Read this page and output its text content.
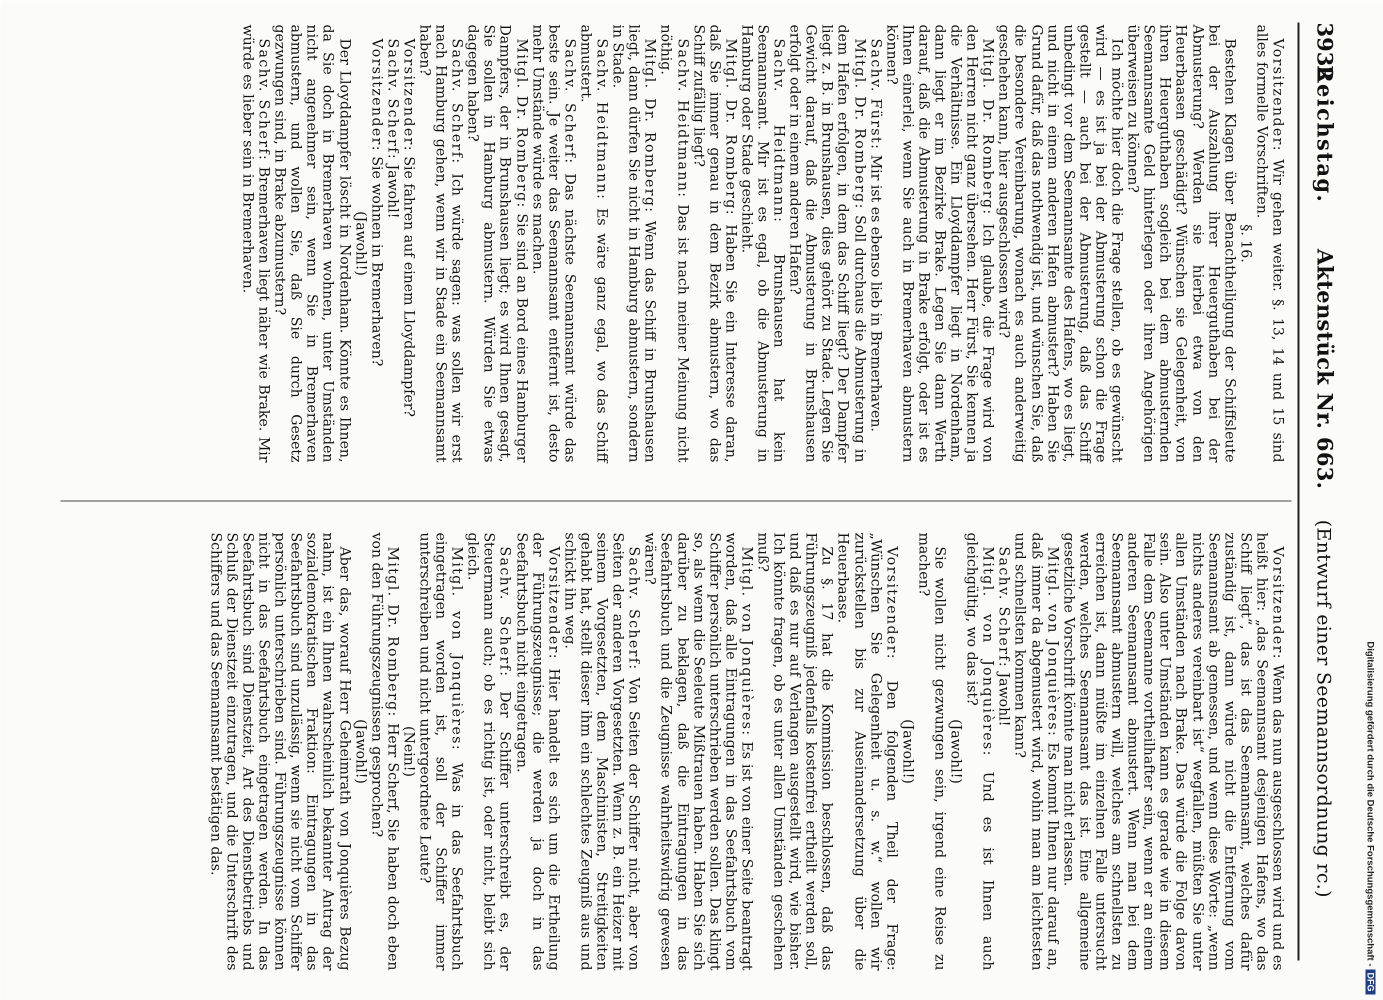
Digitalisierung gefördert durch die Deutsche Forschungsgemeinschaft -DFG
3932
Reichstag.      Aktenstück Nr. 663.    (Entwurf einer Seemannsordnung rc.)

Vorsitzender: Wir gehen weiter. §. 13, 14 und 15 sind alles formelle Vorschriften.

§. 16.

Bestehen Klagen über Benachtheiligung der Schiffsleute bei der Auszahlung ihrer Heuerguthaben bei der Abmusterung? Werden sie hierbei etwa von den Heuerbaasen geschädigt? Wünschen sie Gelegenheit, von ihren Heuerguthaben sogleich bei dem abmusternden Seemannsamte Geld hinterlegen oder ihren Angehörigen überweisen zu können?

Ich möchte hier doch die Frage stellen, ob es gewünscht wird — es ist ja bei der Abmusterung schon die Frage gestellt — auch bei der Abmusterung, daß das Schiff unbedingt vor dem Seemannsamte des Hafens, wo es liegt, und nicht in einem anderen Hafen abmustert? Haben Sie Grund dafür, daß das nothwendig ist, und wünschen Sie, daß die besondere Vereinbarung, wonach es auch anderweitig geschehen kann, hier ausgeschlossen wird?

Mitgl. Dr. Romberg: Ich glaube, die Frage wird von den Herren nicht ganz übersehen. Herr Fürst, Sie kennen ja die Verhältnisse. Ein Lloyddampfer liegt in Nordenham, dann liegt er im Bezirke Brake. Legen Sie dann Werth darauf, daß die Abmusterung in Brake erfolgt, oder ist es Ihnen einerlei, wenn Sie auch in Bremerhaven abmustern können?

Sachv. Fürst: Mir ist es ebenso lieb in Bremerhaven.

Mitgl. Dr. Romberg: Soll durchaus die Abmusterung in dem Hafen erfolgen, in dem das Schiff liegt? Der Dampfer liegt z. B. in Brunshausen, dies gehört zu Stade. Legen Sie Gewicht darauf, daß die Abmusterung in Brunshausen erfolgt oder in einem anderen Hafen?

Sachv. Heidtmann: Brunshausen hat kein Seemannsamt. Mir ist es egal, ob die Abmusterung in Hamburg oder Stade geschieht.

Mitgl. Dr. Romberg: Haben Sie ein Interesse daran, daß Sie immer genau in dem Bezirk abmustern, wo das Schiff zufällig liegt?

Sachv. Heidtmann: Das ist nach meiner Meinung nicht nöthig.

Mitgl. Dr. Romberg: Wenn das Schiff in Brunshausen liegt, dann dürfen Sie nicht in Hamburg abmustern, sondern in Stade.

Sachv. Heidtmann: Es wäre ganz egal, wo das Schiff abmustert.

Sachv. Scherf: Das nächste Seemannsamt würde das beste sein. Je weiter das Seemannsamt entfernt ist, desto mehr Umstände würde es machen.

Mitgl. Dr. Romberg: Sie sind an Bord eines Hamburger Dampfers, der in Brunshausen liegt; es wird Ihnen gesagt, Sie sollen in Hamburg abmustern. Würden Sie etwas dagegen haben?

Sachv. Scherf: Ich würde sagen: was sollen wir erst nach Hamburg gehen, wenn wir in Stade ein Seemannsamt haben?

Vorsitzender: Sie fahren auf einem Lloyddampfer?

Sachv. Scherf: Jawohl!

Vorsitzender: Sie wohnen in Bremerhaven?

(Jawohl!)

Der Lloyddampfer löscht in Nordenham. Könnte es Ihnen, da Sie doch in Bremerhaven wohnen, unter Umständen nicht angenehmer sein, wenn Sie in Bremerhaven abmustern, und wollen Sie, daß Sie durch Gesetz gezwungen sind, in Brake abzumustern?

Sachv. Scherf: Bremerhaven liegt näher wie Brake. Mir würde es lieber sein in Bremerhaven.

Vorsitzender: Wenn das nun ausgeschlossen wird und es heißt hier: „das Seemannsamt desjenigen Hafens, wo das Schiff liegt“, das ist das Seemannsamt, welches dafür zuständig ist, dann würde nicht die Entfernung vom Seemannsamt ab gemessen, und wenn diese Worte: „wenn nichts anderes vereinbart ist“ wegfallen, müßten Sie unter allen Umständen nach Brake. Das würde die Folge davon sein. Also unter Umständen kann es gerade wie in diesem Falle dem Seemanne vortheilhafter sein, wenn er an einem anderen Seemannsamt abmustert. Wenn man bei dem Seemannsamt abmustern will, welches am schnellsten zu erreichen ist, dann müßte im einzelnen Falle untersucht werden, welches Seemannsamt das ist. Eine allgemeine gesetzliche Vorschrift könnte man nicht erlassen.

Mitgl. von Jonquières: Es kommt Ihnen nur darauf an, daß immer da abgemustert wird, wohin man am leichtesten und schnellsten kommen kann?

Sachv. Scherf: Jawohl!

Mitgl. von Jonquières: Und es ist Ihnen auch gleichgültig, wo das ist?

(Jawohl!)

Sie wollen nicht gezwungen sein, irgend eine Reise zu machen?

(Jawohl!)

Vorsitzender: Den folgenden Theil der Frage: „Wünschen Sie Gelegenheit u. s. w.“ wollen wir zurückstellen bis zur Auseinandersetzung über die Heuerbaase.

Zu §. 17 hat die Kommission beschlossen, daß das Führungszeugniß jedenfalls kostenfrei ertheilt werden soll, und daß es nur auf Verlangen ausgestellt wird, wie bisher. Ich könnte fragen, ob es unter allen Umständen geschehen muß?

Mitgl. von Jonquières: Es ist von einer Seite beantragt worden, daß alle Eintragungen in das Seefahrtsbuch vom Schiffer persönlich unterschrieben werden sollen. Das klingt so, als wenn die Seeleute Mißtrauen haben. Haben Sie sich darüber zu beklagen, daß die Eintragungen in das Seefahrtsbuch und die Zeugnisse wahrheitswidrig gewesen wären?

Sachv. Scherf: Von Seiten der Schiffer nicht, aber von Seiten der anderen Vorgesetzten. Wenn z. B. ein Heizer mit seinem Vorgesetzten, dem Maschinisten, Streitigkeiten gehabt hat, stellt dieser ihm ein schlechtes Zeugniß aus und schickt ihn weg.

Vorsitzender: Hier handelt es sich um die Ertheilung der Führungszeugnisse; die werden ja doch in das Seefahrtsbuch nicht eingetragen.

Sachv. Scherf: Der Schiffer unterschreibt es, der Steuermann auch; ob es richtig ist, oder nicht, bleibt sich gleich.

Mitgl. von Jonquières: Was in das Seefahrtsbuch eingetragen worden ist, soll der Schiffer immer unterschreiben und nicht untergeordnete Leute?

(Nein!)

Mitgl. Dr. Romberg: Herr Scherf, Sie haben doch eben von den Führungszeugnissen gesprochen?

(Jawohl!)

Aber das, worauf Herr Geheimrath von Jonquières Bezug nahm, ist ein Ihnen wahrscheinlich bekannter Antrag der sozialdemokratischen Fraktion: Eintragungen in das Seefahrtsbuch sind unzulässig, wenn sie nicht vom Schiffer persönlich unterschrieben sind. Führungszeugnisse können nicht in das Seefahrtsbuch eingetragen werden. In das Seefahrtsbuch sind Dienstzeit, Art des Dienstbetriebs und Schluß der Dienstzeit einzutragen, und die Unterschrift des Schiffers und das Seemannsamt bestätigen das.
